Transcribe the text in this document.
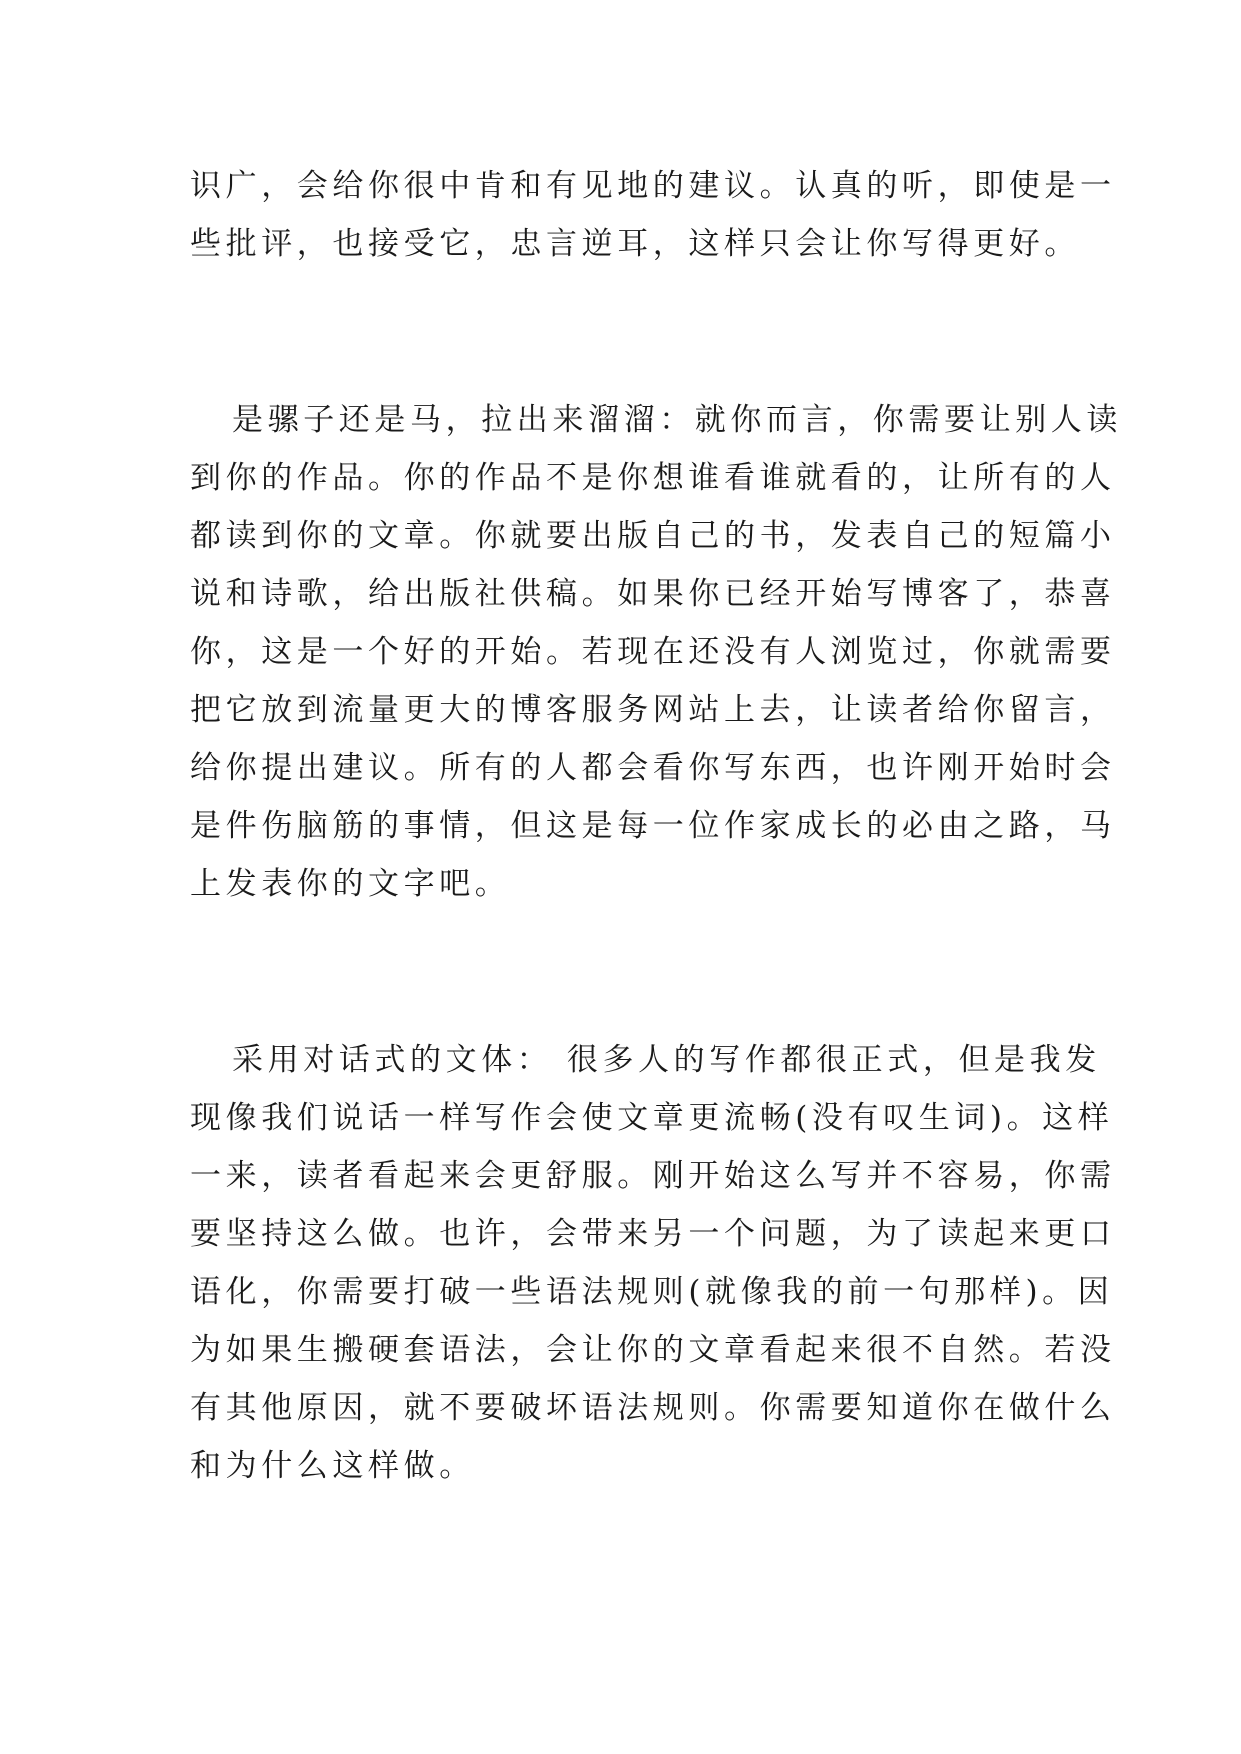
识广，会给你很中肯和有见地的建议。认真的听，即使是一

些批评，也接受它，忠言逆耳，这样只会让你写得更好。

是骡子还是马，拉出来溜溜：就你而言，你需要让别人读

到你的作品。你的作品不是你想谁看谁就看的，让所有的人

都读到你的文章。你就要出版自己的书，发表自己的短篇小

说和诗歌，给出版社供稿。如果你已经开始写博客了，恭喜

你，这是一个好的开始。若现在还没有人浏览过，你就需要

把它放到流量更大的博客服务网站上去，让读者给你留言，

给你提出建议。所有的人都会看你写东西，也许刚开始时会

是件伤脑筋的事情，但这是每一位作家成长的必由之路，马

上发表你的文字吧。

采用对话式的文体： 很多人的写作都很正式，但是我发

现像我们说话一样写作会使文章更流畅(没有叹生词)。这样

一来，读者看起来会更舒服。刚开始这么写并不容易，你需

要坚持这么做。也许，会带来另一个问题，为了读起来更口

语化，你需要打破一些语法规则(就像我的前一句那样)。因

为如果生搬硬套语法，会让你的文章看起来很不自然。若没

有其他原因，就不要破坏语法规则。你需要知道你在做什么

和为什么这样做。
